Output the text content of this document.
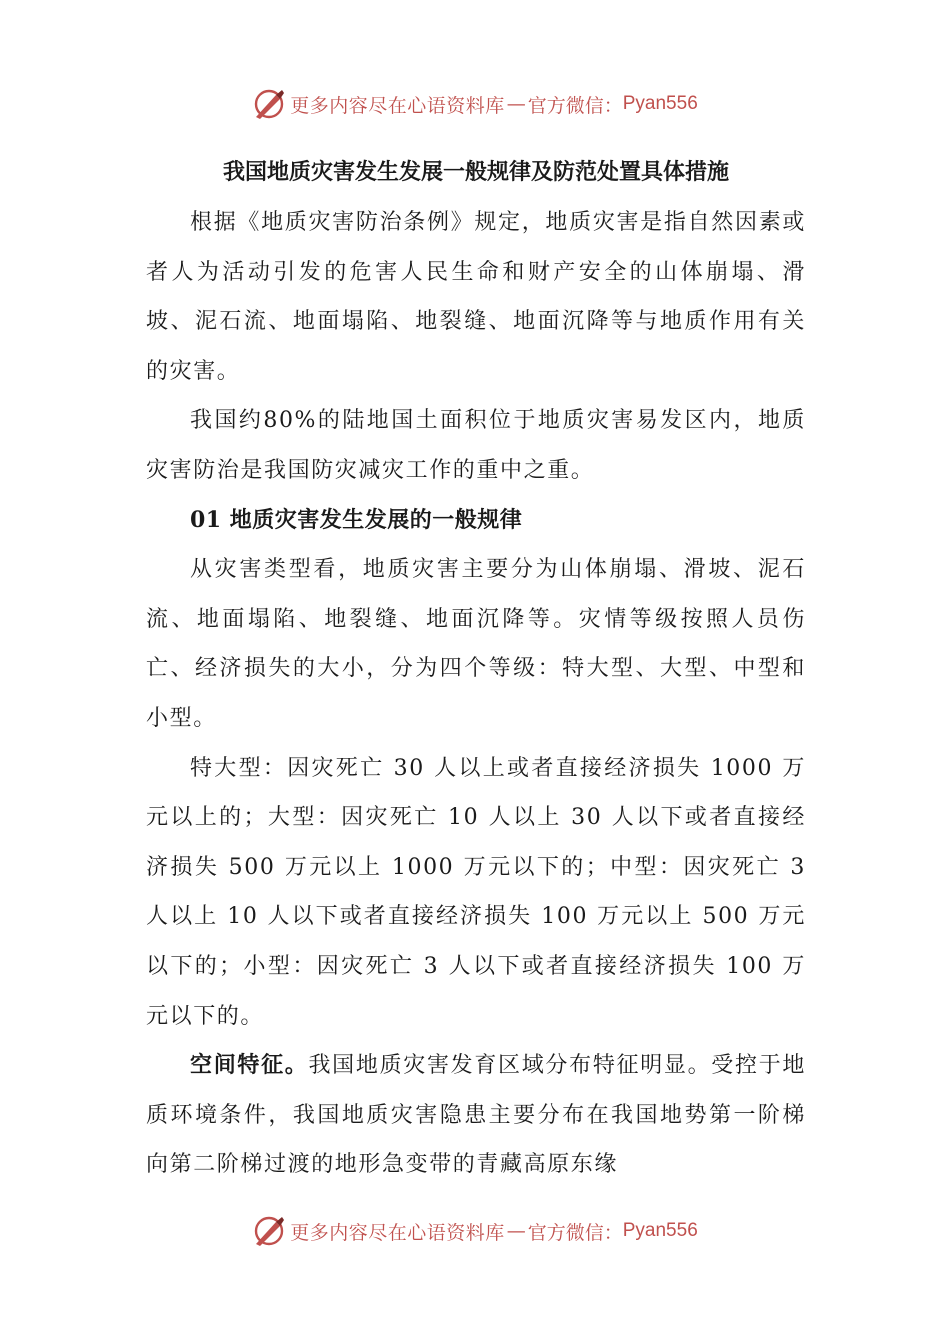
更多内容尽在心语资料库 — 官方微信： Pyan556
我国地质灾害发生发展一般规律及防范处置具体措施

根据《地质灾害防治条例》规定，地质灾害是指自然因素或者人为活动引发的危害人民生命和财产安全的山体崩塌、滑坡、泥石流、地面塌陷、地裂缝、地面沉降等与地质作用有关的灾害。

我国约80%的陆地国土面积位于地质灾害易发区内，地质灾害防治是我国防灾减灾工作的重中之重。

01 地质灾害发生发展的一般规律

从灾害类型看，地质灾害主要分为山体崩塌、滑坡、泥石流、地面塌陷、地裂缝、地面沉降等。灾情等级按照人员伤亡、经济损失的大小，分为四个等级：特大型、大型、中型和小型。

特大型：因灾死亡 30 人以上或者直接经济损失 1000 万元以上的；大型：因灾死亡 10 人以上 30 人以下或者直接经济损失 500 万元以上 1000 万元以下的；中型：因灾死亡 3 人以上 10 人以下或者直接经济损失 100 万元以上 500 万元以下的；小型：因灾死亡 3 人以下或者直接经济损失 100 万元以下的。

空间特征。我国地质灾害发育区域分布特征明显。受控于地质环境条件，我国地质灾害隐患主要分布在我国地势第一阶梯向第二阶梯过渡的地形急变带的青藏高原东缘

更多内容尽在心语资料库 — 官方微信： Pyan556
